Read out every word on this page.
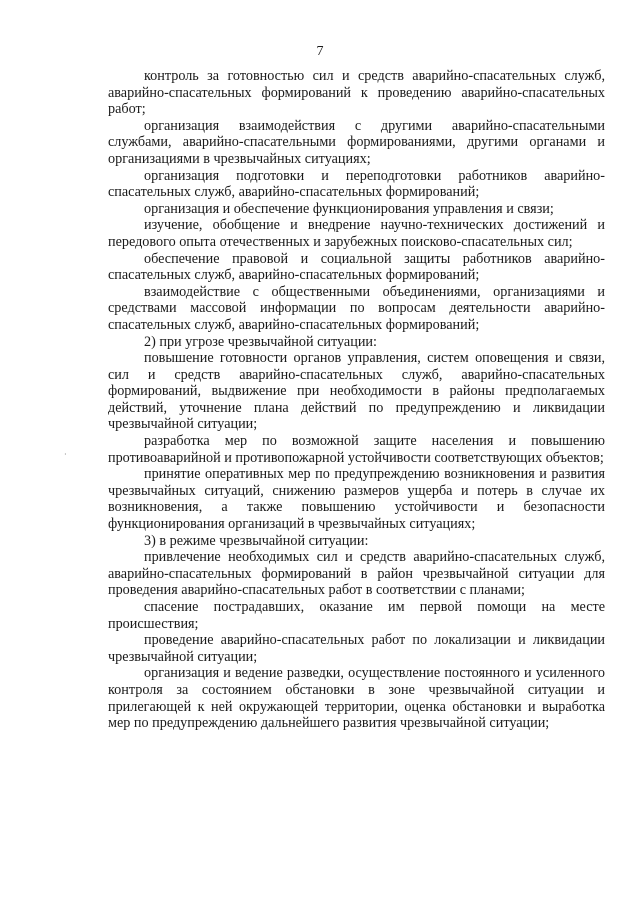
7
·

контроль за готовностью сил и средств аварийно-спасательных служб, аварийно-спасательных формирований к проведению аварийно-спасательных работ;

организация взаимодействия с другими аварийно-спасательными службами, аварийно-спасательными формированиями, другими органами и организациями в чрезвычайных ситуациях;

организация подготовки и переподготовки работников аварийно-спасательных служб, аварийно-спасательных формирований;

организация и обеспечение функционирования управления и связи;

изучение, обобщение и внедрение научно-технических достижений и передового опыта отечественных и зарубежных поисково-спасательных сил;

обеспечение правовой и социальной защиты работников аварийно-спасательных служб, аварийно-спасательных формирований;

взаимодействие с общественными объединениями, организациями и средствами массовой информации по вопросам деятельности аварийно-спасательных служб, аварийно-спасательных формирований;

2) при угрозе чрезвычайной ситуации:

повышение готовности органов управления, систем оповещения и связи, сил и средств аварийно-спасательных служб, аварийно-спасательных формирований, выдвижение при необходимости в районы предполагаемых действий, уточнение плана действий по предупреждению и ликвидации чрезвычайной ситуации;

разработка мер по возможной защите населения и повышению противоаварийной и противопожарной устойчивости соответствующих объектов;

принятие оперативных мер по предупреждению возникновения и развития чрезвычайных ситуаций, снижению размеров ущерба и потерь в случае их возникновения, а также повышению устойчивости и безопасности функционирования организаций в чрезвычайных ситуациях;

3) в режиме чрезвычайной ситуации:

привлечение необходимых сил и средств аварийно-спасательных служб, аварийно-спасательных формирований в район чрезвычайной ситуации для проведения аварийно-спасательных работ в соответствии с планами;

спасение пострадавших, оказание им первой помощи на месте происшествия;

проведение аварийно-спасательных работ по локализации и ликвидации чрезвычайной ситуации;

организация и ведение разведки, осуществление постоянного и усиленного контроля за состоянием обстановки в зоне чрезвычайной ситуации и прилегающей к ней окружающей территории, оценка обстановки и выработка мер по предупреждению дальнейшего развития чрезвычайной ситуации;
